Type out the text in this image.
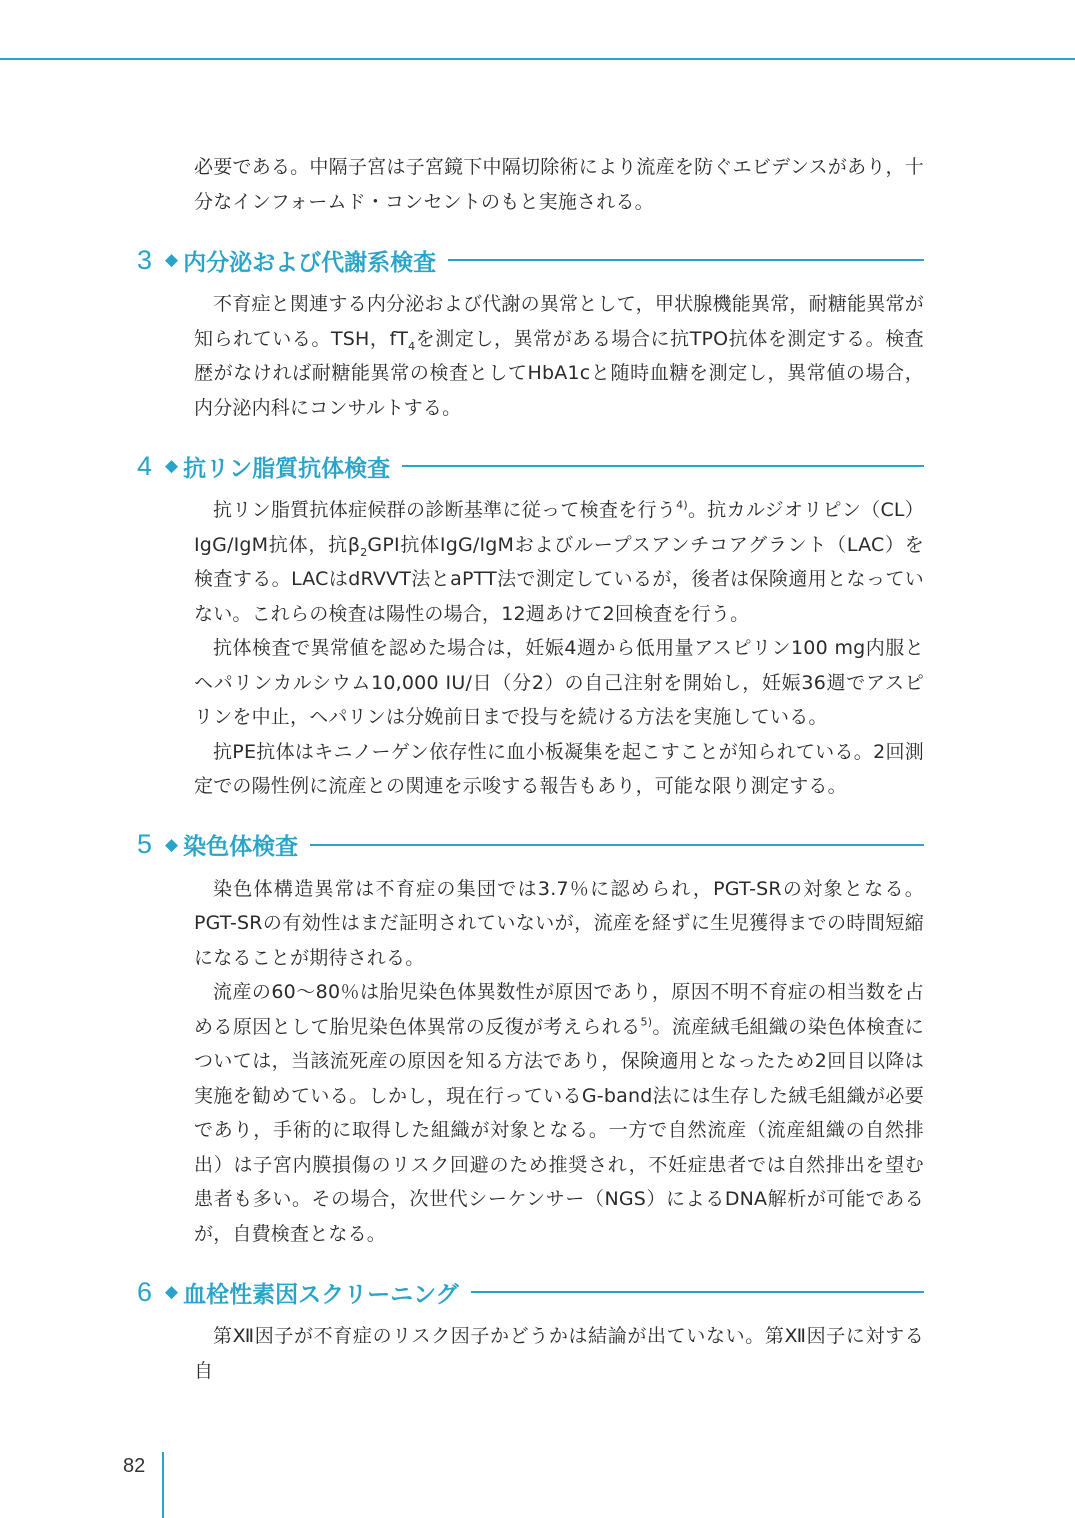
必要である。中隔子宮は子宮鏡下中隔切除術により流産を防ぐエビデンスがあり，十分なインフォームド・コンセントのもと実施される。

3 ◆ 内分泌および代謝系検査

不育症と関連する内分泌および代謝の異常として，甲状腺機能異常，耐糖能異常が知られている。TSH，$fT_4$を測定し，異常がある場合に抗TPO抗体を測定する。検査歴がなければ耐糖能異常の検査としてHbA1cと随時血糖を測定し，異常値の場合，内分泌内科にコンサルトする。

4 ◆ 抗リン脂質抗体検査

抗リン脂質抗体症候群の診断基準に従って検査を行う$^{4)}$。抗カルジオリピン（CL）IgG/IgM抗体，抗$\beta_2GPI$抗体IgG/IgMおよびループスアンチコアグラント（LAC）を検査する。LACはdRVVT法とaPTT法で測定しているが，後者は保険適用となっていない。これらの検査は陽性の場合，12週あけて2回検査を行う。

抗体検査で異常値を認めた場合は，妊娠4週から低用量アスピリン100 mg内服とヘパリンカルシウム10,000 IU/日（分2）の自己注射を開始し，妊娠36週でアスピリンを中止，ヘパリンは分娩前日まで投与を続ける方法を実施している。

抗PE抗体はキニノーゲン依存性に血小板凝集を起こすことが知られている。2回測定での陽性例に流産との関連を示唆する報告もあり，可能な限り測定する。

5 ◆ 染色体検査

染色体構造異常は不育症の集団では3.7％に認められ，PGT-SRの対象となる。PGT-SRの有効性はまだ証明されていないが，流産を経ずに生児獲得までの時間短縮になることが期待される。

流産の60～80％は胎児染色体異数性が原因であり，原因不明不育症の相当数を占める原因として胎児染色体異常の反復が考えられる$^{5)}$。流産絨毛組織の染色体検査については，当該流死産の原因を知る方法であり，保険適用となったため2回目以降は実施を勧めている。しかし，現在行っているG-band法には生存した絨毛組織が必要であり，手術的に取得した組織が対象となる。一方で自然流産（流産組織の自然排出）は子宮内膜損傷のリスク回避のため推奨され，不妊症患者では自然排出を望む患者も多い。その場合，次世代シーケンサー（NGS）によるDNA解析が可能であるが，自費検査となる。

6 ◆ 血栓性素因スクリーニング

第Ⅻ因子が不育症のリスク因子かどうかは結論が出ていない。第Ⅻ因子に対する自

82
